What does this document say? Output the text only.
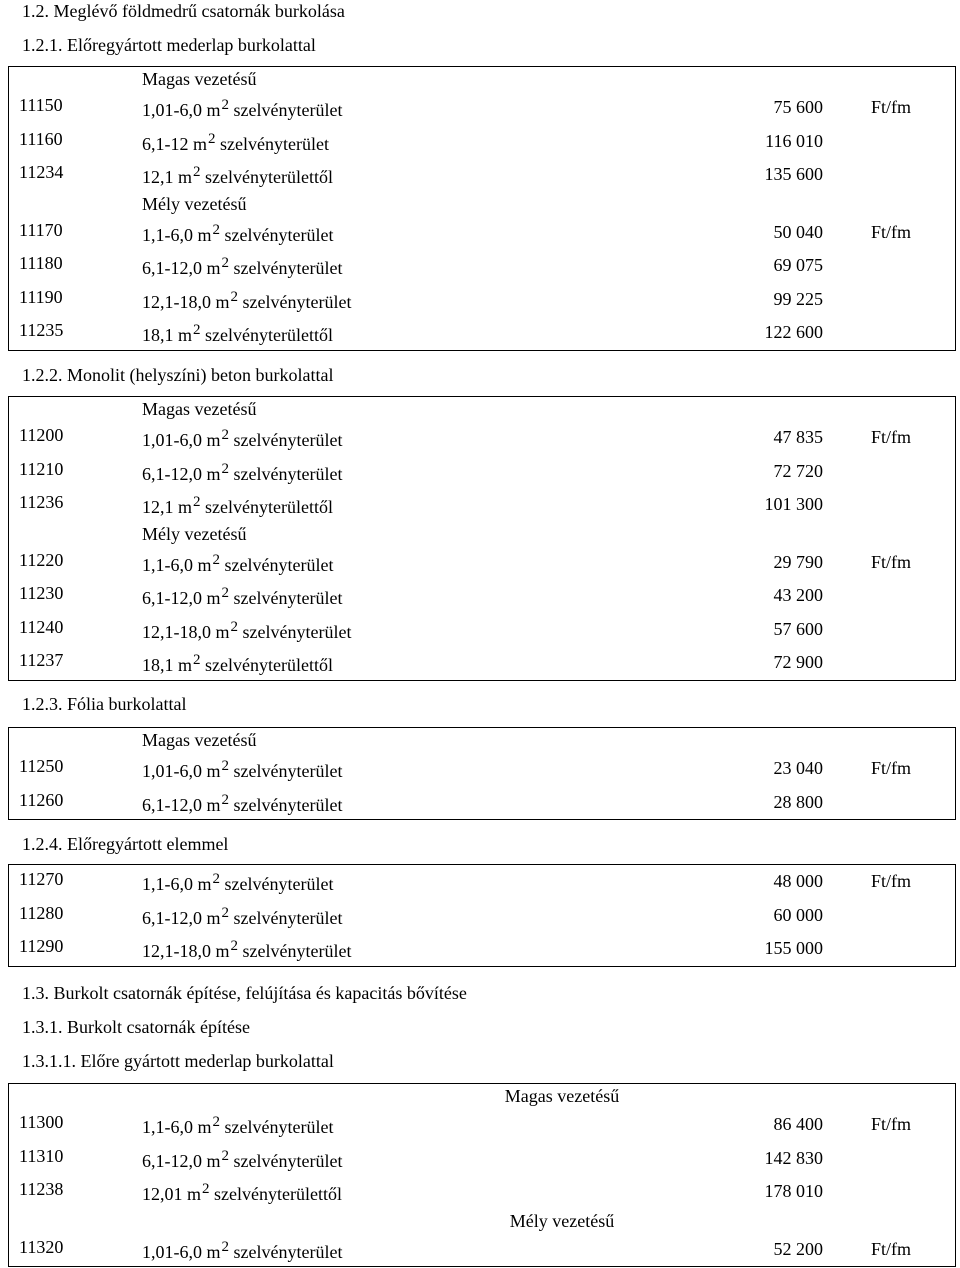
1.2. Meglévő földmedrű csatornák burkolása
1.2.1. Előregyártott mederlap burkolattal
Magas vezetésű
11150	1,01-6,0 $m^2$ szelvényterület	75 600	Ft/fm
11160	6,1-12 $m^2$ szelvényterület	116 010
11234	12,1 $m^2$ szelvényterülettől	135 600
Mély vezetésű
11170	1,1-6,0 $m^2$ szelvényterület	50 040	Ft/fm
11180	6,1-12,0 $m^2$ szelvényterület	69 075
11190	12,1-18,0 $m^2$ szelvényterület	99 225
11235	18,1 $m^2$ szelvényterülettől	122 600
1.2.2. Monolit (helyszíni) beton burkolattal
Magas vezetésű
11200	1,01-6,0 $m^2$ szelvényterület	47 835	Ft/fm
11210	6,1-12,0 $m^2$ szelvényterület	72 720
11236	12,1 $m^2$ szelvényterülettől	101 300
Mély vezetésű
11220	1,1-6,0 $m^2$ szelvényterület	29 790	Ft/fm
11230	6,1-12,0 $m^2$ szelvényterület	43 200
11240	12,1-18,0 $m^2$ szelvényterület	57 600
11237	18,1 $m^2$ szelvényterülettől	72 900
1.2.3. Fólia burkolattal
Magas vezetésű
11250	1,01-6,0 $m^2$ szelvényterület	23 040	Ft/fm
11260	6,1-12,0 $m^2$ szelvényterület	28 800
1.2.4. Előregyártott elemmel
11270	1,1-6,0 $m^2$ szelvényterület	48 000	Ft/fm
11280	6,1-12,0 $m^2$ szelvényterület	60 000
11290	12,1-18,0 $m^2$ szelvényterület	155 000
1.3. Burkolt csatornák építése, felújítása és kapacitás bővítése
1.3.1. Burkolt csatornák építése
1.3.1.1. Előre gyártott mederlap burkolattal
Magas vezetésű
11300	1,1-6,0 $m^2$ szelvényterület	86 400	Ft/fm
11310	6,1-12,0 $m^2$ szelvényterület	142 830
11238	12,01 $m^2$ szelvényterülettől	178 010
Mély vezetésű
11320	1,01-6,0 $m^2$ szelvényterület	52 200	Ft/fm
